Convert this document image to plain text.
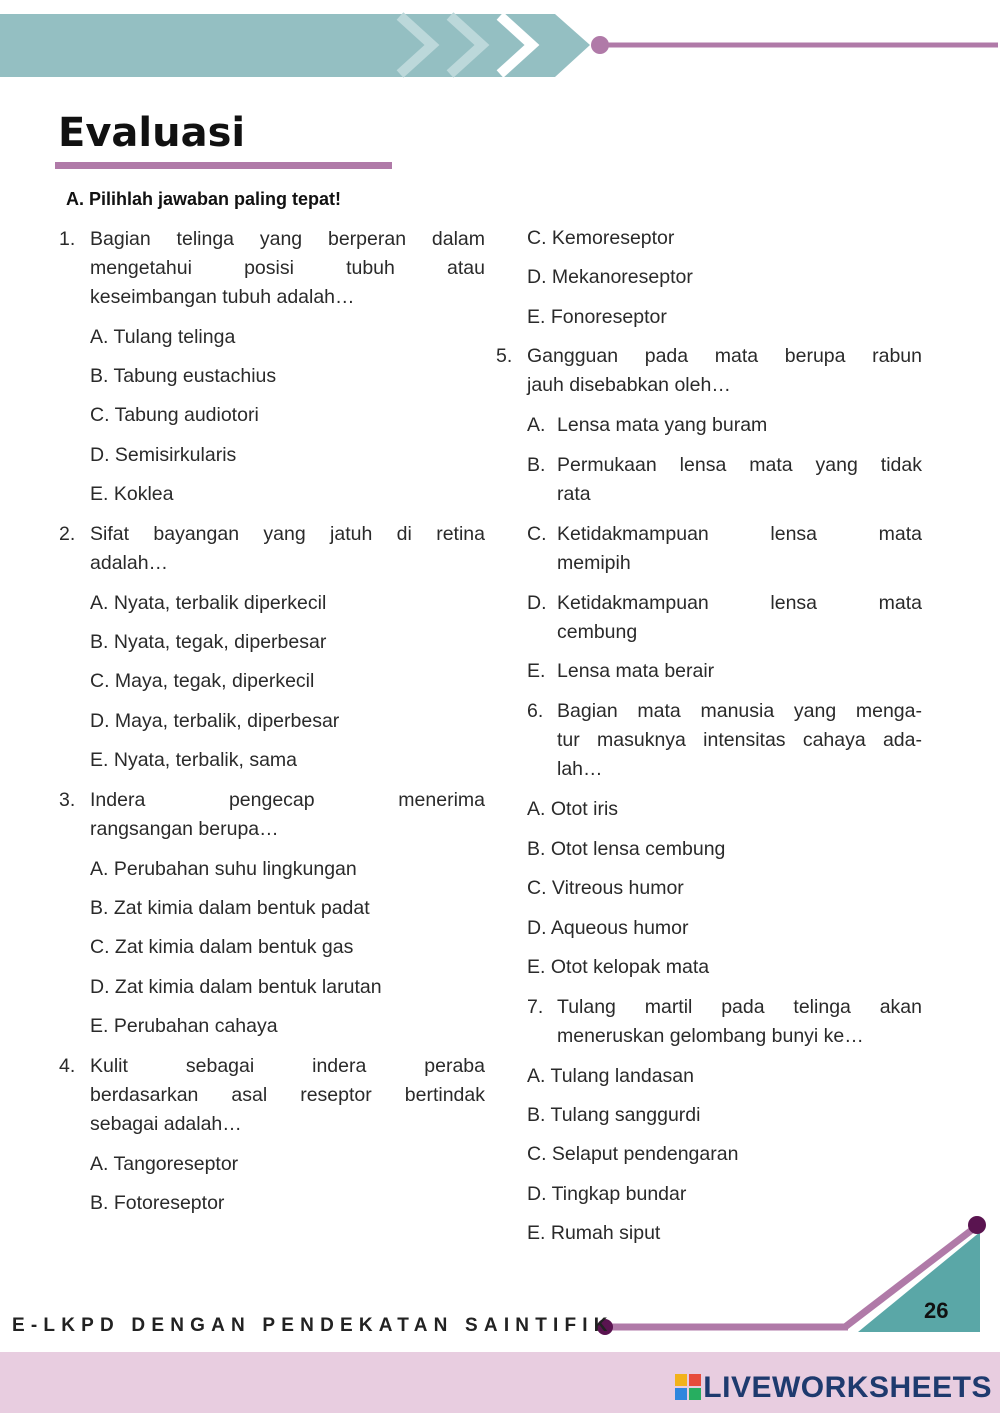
Evaluasi
A. Pilihlah jawaban paling tepat!
1. Bagian telinga yang berperan dalam
mengetahui posisi tubuh atau
keseimbangan tubuh adalah…
A. Tulang telinga
B. Tabung eustachius
C. Tabung audiotori
D. Semisirkularis
E. Koklea
2. Sifat bayangan yang jatuh di retina
adalah…
A. Nyata, terbalik diperkecil
B. Nyata, tegak, diperbesar
C. Maya, tegak, diperkecil
D. Maya, terbalik, diperbesar
E. Nyata, terbalik, sama
3. Indera pengecap menerima
rangsangan berupa…
A. Perubahan suhu lingkungan
B. Zat kimia dalam bentuk padat
C. Zat kimia dalam bentuk gas
D. Zat kimia dalam bentuk larutan
E. Perubahan cahaya
4. Kulit sebagai indera peraba
berdasarkan asal reseptor bertindak
sebagai adalah…
A. Tangoreseptor
B. Fotoreseptor
C. Kemoreseptor
D. Mekanoreseptor
E. Fonoreseptor
5. Gangguan pada mata berupa rabun
jauh disebabkan oleh…
A. Lensa mata yang buram
B. Permukaan lensa mata yang tidak
rata
C. Ketidakmampuan lensa mata
memipih
D. Ketidakmampuan lensa mata
cembung
E. Lensa mata berair
6. Bagian mata manusia yang menga-
tur masuknya intensitas cahaya ada-
lah…
A. Otot iris
B. Otot lensa cembung
C. Vitreous humor
D. Aqueous humor
E. Otot kelopak mata
7. Tulang martil pada telinga akan
meneruskan gelombang bunyi ke…
A. Tulang landasan
B. Tulang sanggurdi
C. Selaput pendengaran
D. Tingkap bundar
E. Rumah siput
E-LKPD DENGAN PENDEKATAN SAINTIFIK
26
LIVEWORKSHEETS
